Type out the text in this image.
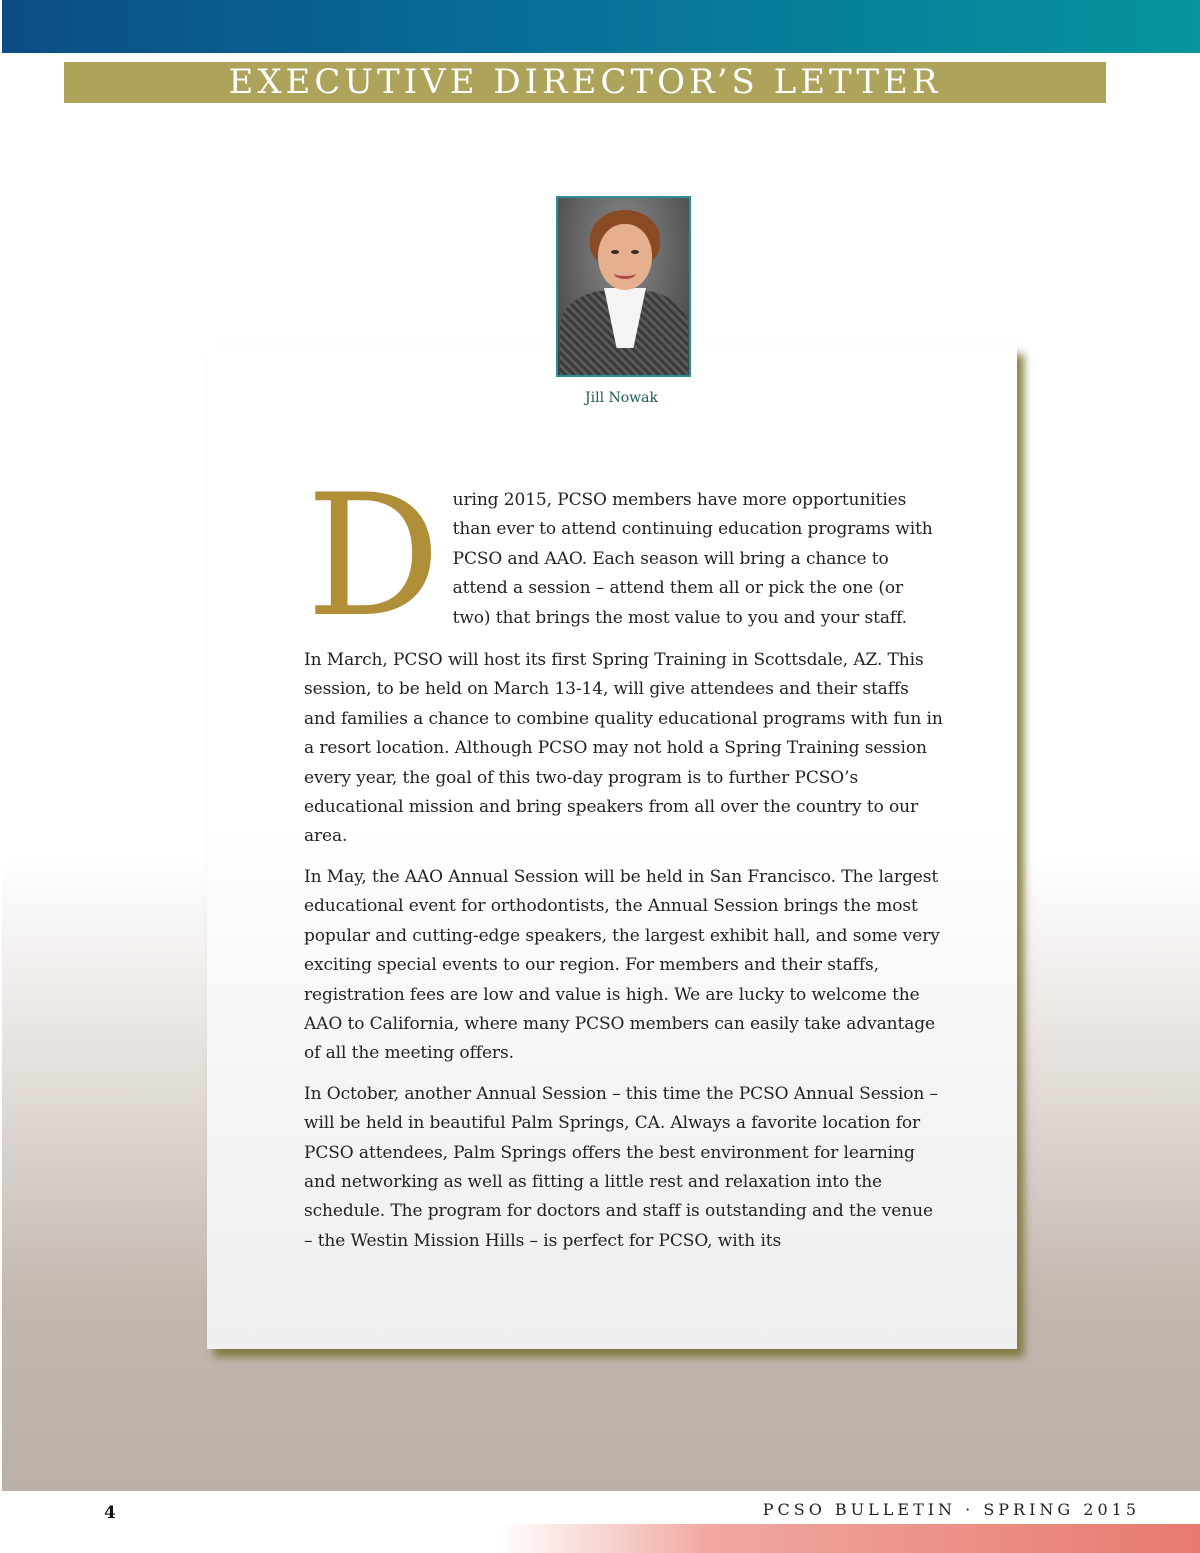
EXECUTIVE DIRECTOR’S LETTER
Jill Nowak
D uring 2015, PCSO members have more opportunities than ever to attend continuing education programs with PCSO and AAO. Each season will bring a chance to attend a session – attend them all or pick the one (or two) that brings the most value to you and your staff.

In March, PCSO will host its first Spring Training in Scottsdale, AZ. This session, to be held on March 13-14, will give attendees and their staffs and families a chance to combine quality educational programs with fun in a resort location. Although PCSO may not hold a Spring Training session every year, the goal of this two-day program is to further PCSO’s educational mission and bring speakers from all over the country to our area.

In May, the AAO Annual Session will be held in San Francisco. The largest educational event for orthodontists, the Annual Session brings the most popular and cutting-edge speakers, the largest exhibit hall, and some very exciting special events to our region. For members and their staffs, registration fees are low and value is high. We are lucky to welcome the AAO to California, where many PCSO members can easily take advantage of all the meeting offers.

In October, another Annual Session – this time the PCSO Annual Session – will be held in beautiful Palm Springs, CA. Always a favorite location for PCSO attendees, Palm Springs offers the best environment for learning and networking as well as fitting a little rest and relaxation into the schedule. The program for doctors and staff is outstanding and the venue – the Westin Mission Hills – is perfect for PCSO, with its

4	PCSO BULLETIN · SPRING 2015
